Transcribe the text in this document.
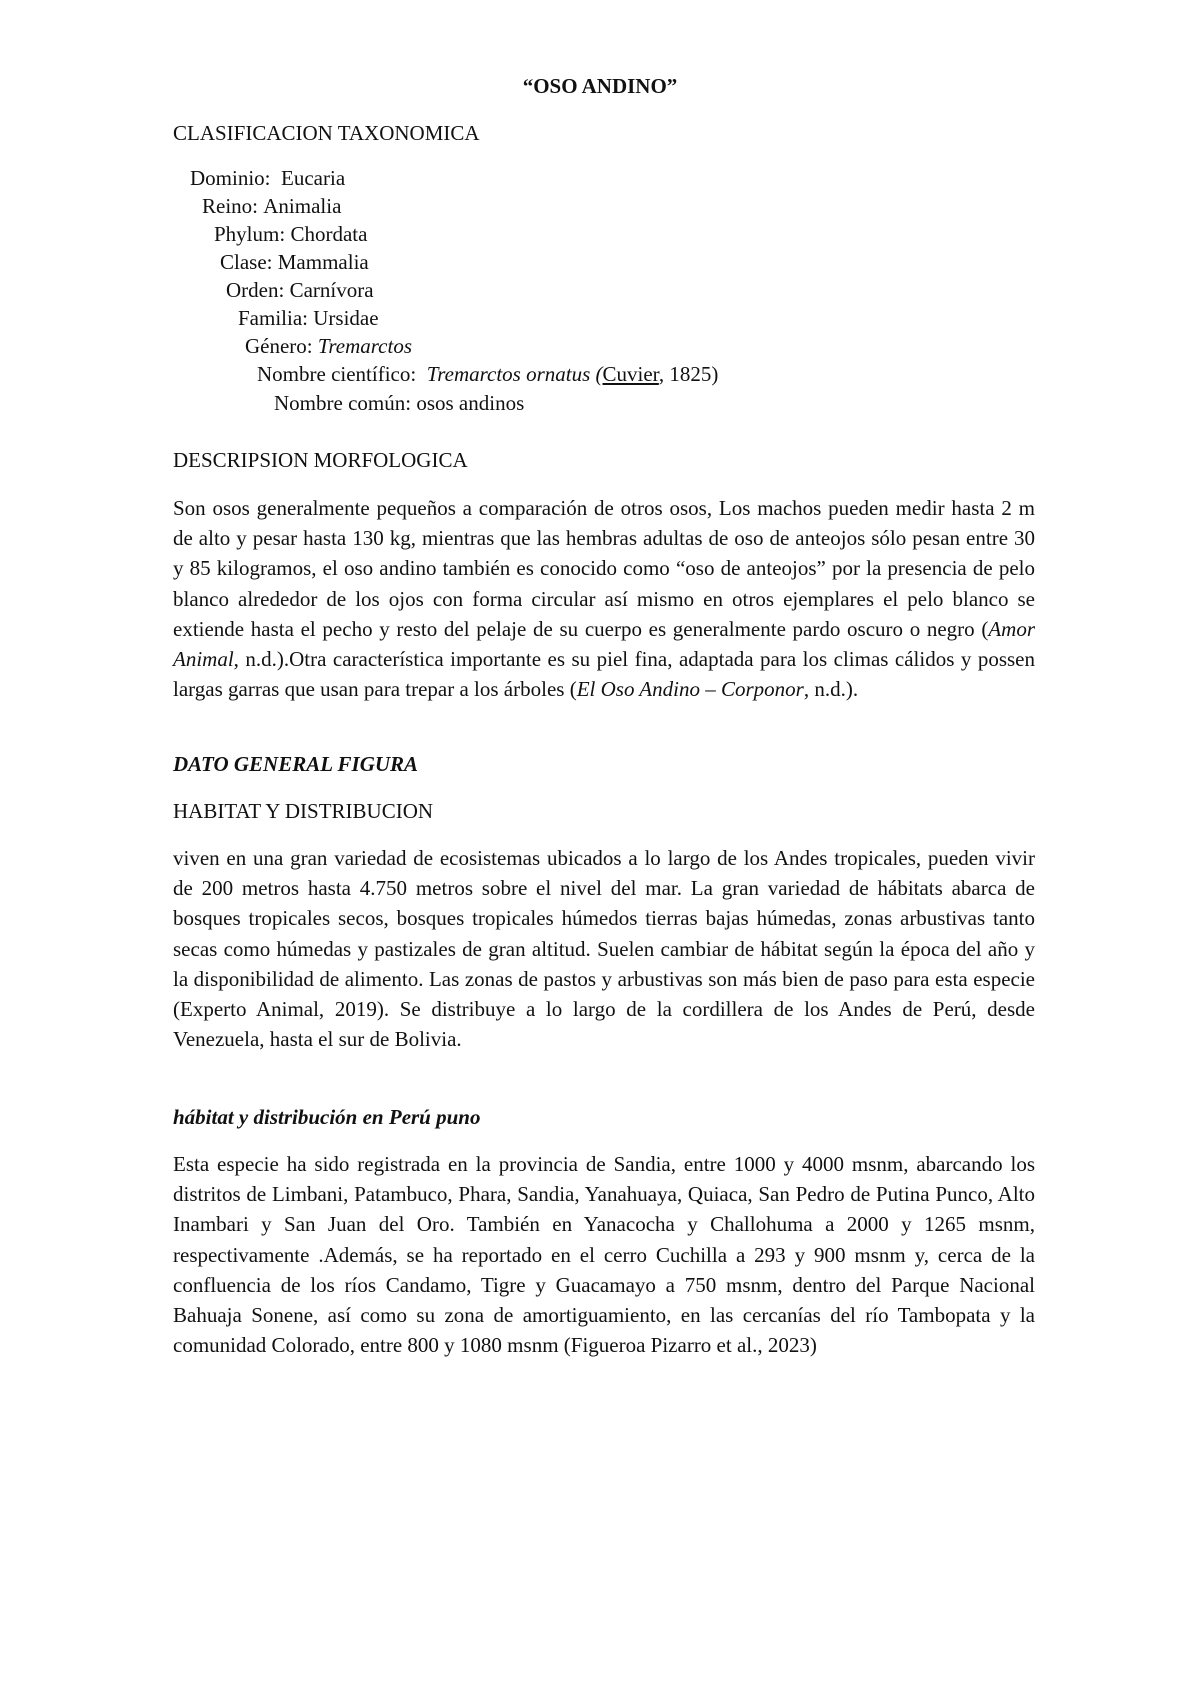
“OSO ANDINO”
CLASIFICACION TAXONOMICA
Dominio: Eucaria
Reino: Animalia
Phylum: Chordata
Clase: Mammalia
Orden: Carnívora
Familia: Ursidae
Género: Tremarctos
Nombre científico: Tremarctos ornatus (Cuvier, 1825)
Nombre común: osos andinos
DESCRIPSION MORFOLOGICA

Son osos generalmente pequeños a comparación de otros osos, Los machos pueden medir hasta 2 m de alto y pesar hasta 130 kg, mientras que las hembras adultas de oso de anteojos sólo pesan entre 30 y 85 kilogramos, el oso andino también es conocido como “oso de anteojos” por la presencia de pelo blanco alrededor de los ojos con forma circular así mismo en otros ejemplares el pelo blanco se extiende hasta el pecho y resto del pelaje de su cuerpo es generalmente pardo oscuro o negro (Amor Animal, n.d.).Otra característica importante es su piel fina, adaptada para los climas cálidos y possen largas garras que usan para trepar a los árboles (El Oso Andino – Corponor, n.d.).

DATO GENERAL FIGURA
HABITAT Y DISTRIBUCION

viven en una gran variedad de ecosistemas ubicados a lo largo de los Andes tropicales, pueden vivir de 200 metros hasta 4.750 metros sobre el nivel del mar. La gran variedad de hábitats abarca de bosques tropicales secos, bosques tropicales húmedos tierras bajas húmedas, zonas arbustivas tanto secas como húmedas y pastizales de gran altitud. Suelen cambiar de hábitat según la época del año y la disponibilidad de alimento. Las zonas de pastos y arbustivas son más bien de paso para esta especie (Experto Animal, 2019). Se distribuye a lo largo de la cordillera de los Andes de Perú, desde Venezuela, hasta el sur de Bolivia.

hábitat y distribución en Perú puno

Esta especie ha sido registrada en la provincia de Sandia, entre 1000 y 4000 msnm, abarcando los distritos de Limbani, Patambuco, Phara, Sandia, Yanahuaya, Quiaca, San Pedro de Putina Punco, Alto Inambari y San Juan del Oro. También en Yanacocha y Challohuma a 2000 y 1265 msnm, respectivamente .Además, se ha reportado en el cerro Cuchilla a 293 y 900 msnm y, cerca de la confluencia de los ríos Candamo, Tigre y Guacamayo a 750 msnm, dentro del Parque Nacional Bahuaja Sonene, así como su zona de amortiguamiento, en las cercanías del río Tambopata y la comunidad Colorado, entre 800 y 1080 msnm (Figueroa Pizarro et al., 2023)
